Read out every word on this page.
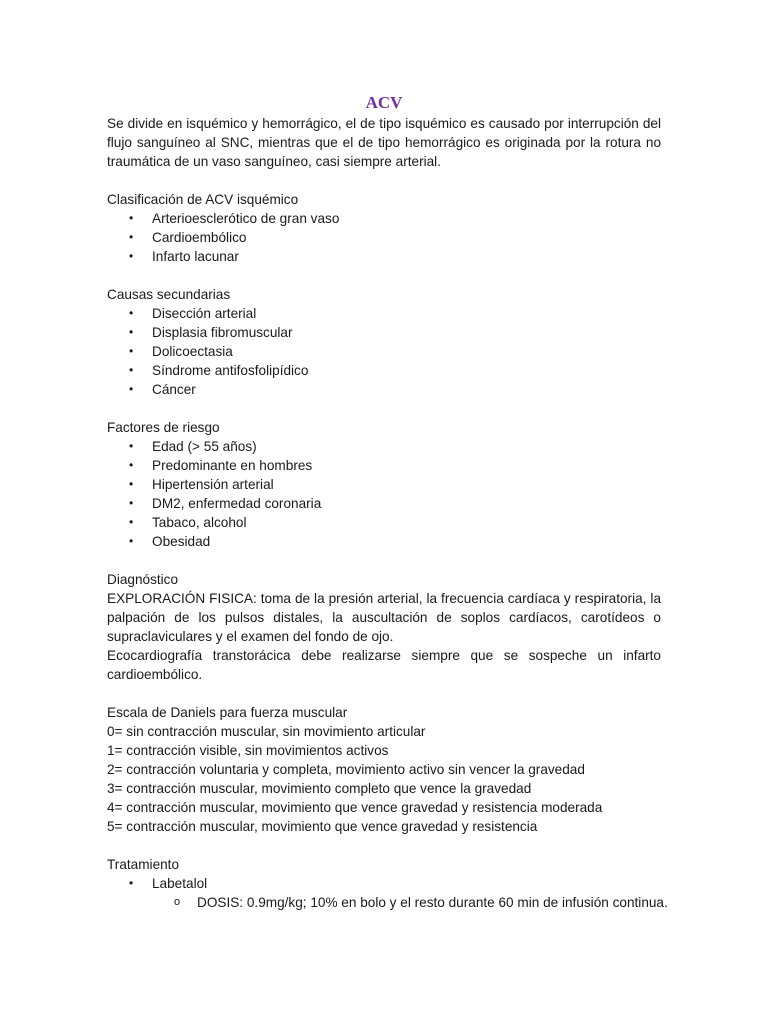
ACV

Se divide en isquémico y hemorrágico, el de tipo isquémico es causado por interrupción del flujo sanguíneo al SNC, mientras que el de tipo hemorrágico es originada por la rotura no traumática de un vaso sanguíneo, casi siempre arterial.

Clasificación de ACV isquémico

• Arterioesclerótico de gran vaso
• Cardioembólico
• Infarto lacunar

Causas secundarias

• Disección arterial
• Displasia fibromuscular
• Dolicoectasia
• Síndrome antifosfolipídico
• Cáncer

Factores de riesgo

• Edad (> 55 años)
• Predominante en hombres
• Hipertensión arterial
• DM2, enfermedad coronaria
• Tabaco, alcohol
• Obesidad

Diagnóstico

EXPLORACIÓN FISICA: toma de la presión arterial, la frecuencia cardíaca y respiratoria, la palpación de los pulsos distales, la auscultación de soplos cardíacos, carotídeos o supraclaviculares y el examen del fondo de ojo.

Ecocardiografía transtorácica debe realizarse siempre que se sospeche un infarto cardioembólico.

Escala de Daniels para fuerza muscular

0= sin contracción muscular, sin movimiento articular

1= contracción visible, sin movimientos activos

2= contracción voluntaria y completa, movimiento activo sin vencer la gravedad

3= contracción muscular, movimiento completo que vence la gravedad

4= contracción muscular, movimiento que vence gravedad y resistencia moderada

5= contracción muscular, movimiento que vence gravedad y resistencia

Tratamiento

• Labetalol
o DOSIS: 0.9mg/kg; 10% en bolo y el resto durante 60 min de infusión continua.
